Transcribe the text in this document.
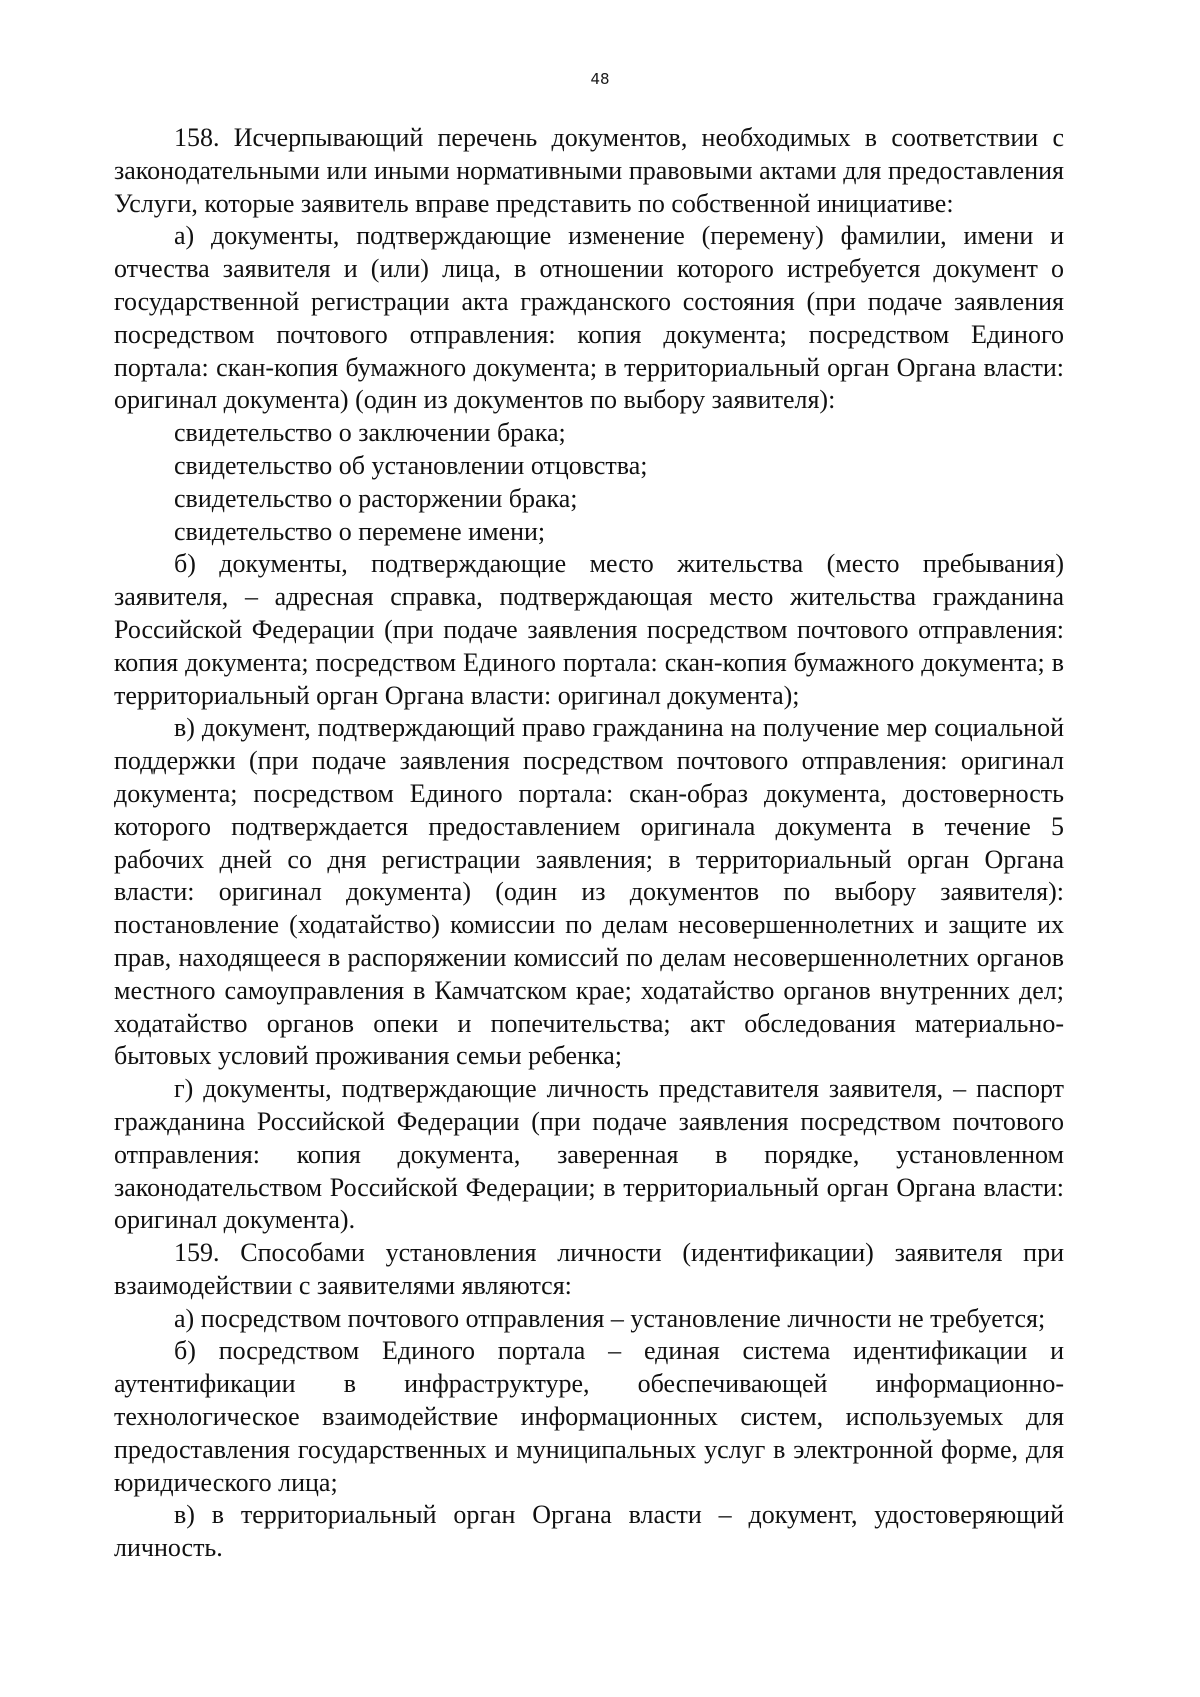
48

158. Исчерпывающий перечень документов, необходимых в соответствии с законодательными или иными нормативными правовыми актами для предоставления Услуги, которые заявитель вправе представить по собственной инициативе:

а) документы, подтверждающие изменение (перемену) фамилии, имени и отчества заявителя и (или) лица, в отношении которого истребуется документ о государственной регистрации акта гражданского состояния (при подаче заявления посредством почтового отправления: копия документа; посредством Единого портала: скан-копия бумажного документа; в территориальный орган Органа власти: оригинал документа) (один из документов по выбору заявителя):

свидетельство о заключении брака;

свидетельство об установлении отцовства;

свидетельство о расторжении брака;

свидетельство о перемене имени;

б) документы, подтверждающие место жительства (место пребывания) заявителя, – адресная справка, подтверждающая место жительства гражданина Российской Федерации (при подаче заявления посредством почтового отправления: копия документа; посредством Единого портала: скан-копия бумажного документа; в территориальный орган Органа власти: оригинал документа);

в) документ, подтверждающий право гражданина на получение мер социальной поддержки (при подаче заявления посредством почтового отправления: оригинал документа; посредством Единого портала: скан-образ документа, достоверность которого подтверждается предоставлением оригинала документа в течение 5 рабочих дней со дня регистрации заявления; в территориальный орган Органа власти: оригинал документа) (один из документов по выбору заявителя): постановление (ходатайство) комиссии по делам несовершеннолетних и защите их прав, находящееся в распоряжении комиссий по делам несовершеннолетних органов местного самоуправления в Камчатском крае; ходатайство органов внутренних дел; ходатайство органов опеки и попечительства; акт обследования материально-бытовых условий проживания семьи ребенка;

г) документы, подтверждающие личность представителя заявителя, – паспорт гражданина Российской Федерации (при подаче заявления посредством почтового отправления: копия документа, заверенная в порядке, установленном законодательством Российской Федерации; в территориальный орган Органа власти: оригинал документа).

159. Способами установления личности (идентификации) заявителя при взаимодействии с заявителями являются:

а) посредством почтового отправления – установление личности не требуется;

б) посредством Единого портала – единая система идентификации и аутентификации в инфраструктуре, обеспечивающей информационно-технологическое взаимодействие информационных систем, используемых для предоставления государственных и муниципальных услуг в электронной форме, для юридического лица;

в) в территориальный орган Органа власти – документ, удостоверяющий личность.
